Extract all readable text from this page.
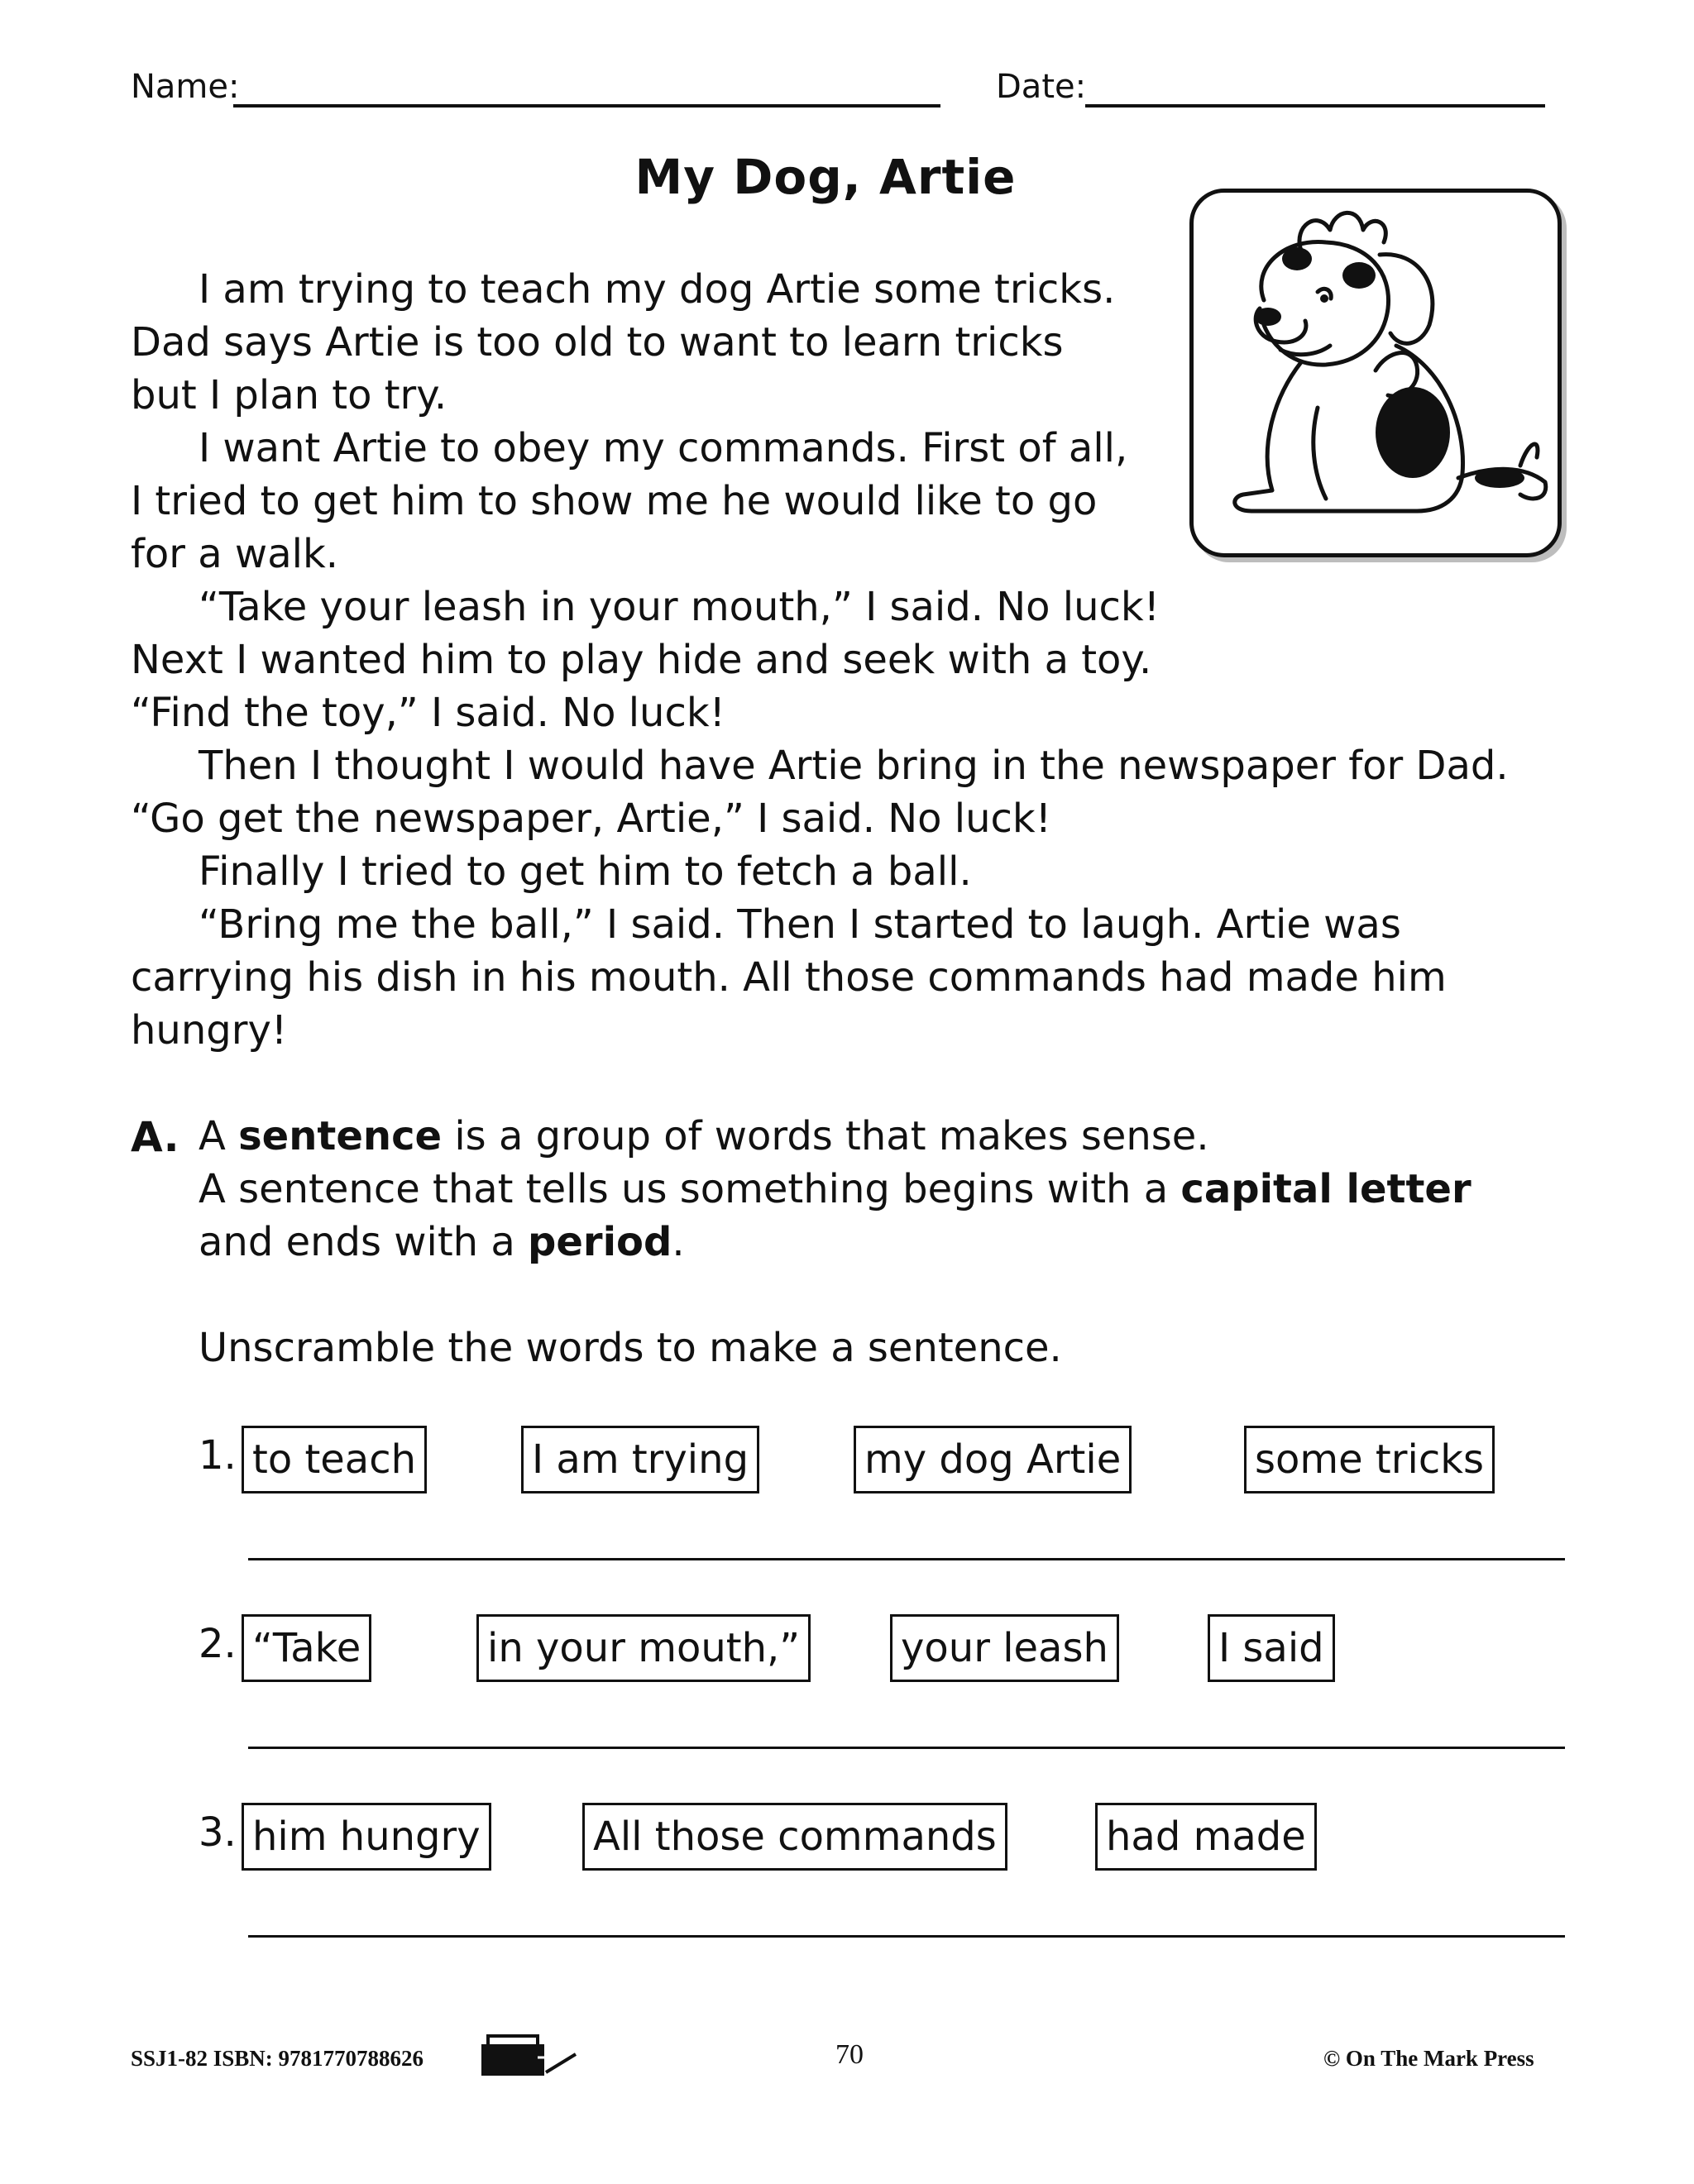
Name:	Date:
My Dog, Artie
I am trying to teach my dog Artie some tricks.
Dad says Artie is too old to want to learn tricks
but I plan to try.
I want Artie to obey my commands. First of all,
I tried to get him to show me he would like to go
for a walk.
“Take your leash in your mouth,” I said. No luck!
Next I wanted him to play hide and seek with a toy.
“Find the toy,” I said. No luck!
Then I thought I would have Artie bring in the newspaper for Dad.
“Go get the newspaper, Artie,” I said. No luck!
Finally I tried to get him to fetch a ball.
“Bring me the ball,” I said. Then I started to laugh. Artie was
carrying his dish in his mouth. All those commands had made him
hungry!
A. A sentence is a group of words that makes sense.
A sentence that tells us something begins with a capital letter
and ends with a period.
Unscramble the words to make a sentence.
1. to teach	I am trying	my dog Artie	some tricks
2. “Take	in your mouth,”	your leash	I said
3. him hungry	All those commands	had made
SSJ1-82 ISBN: 9781770788626	70	© On The Mark Press
